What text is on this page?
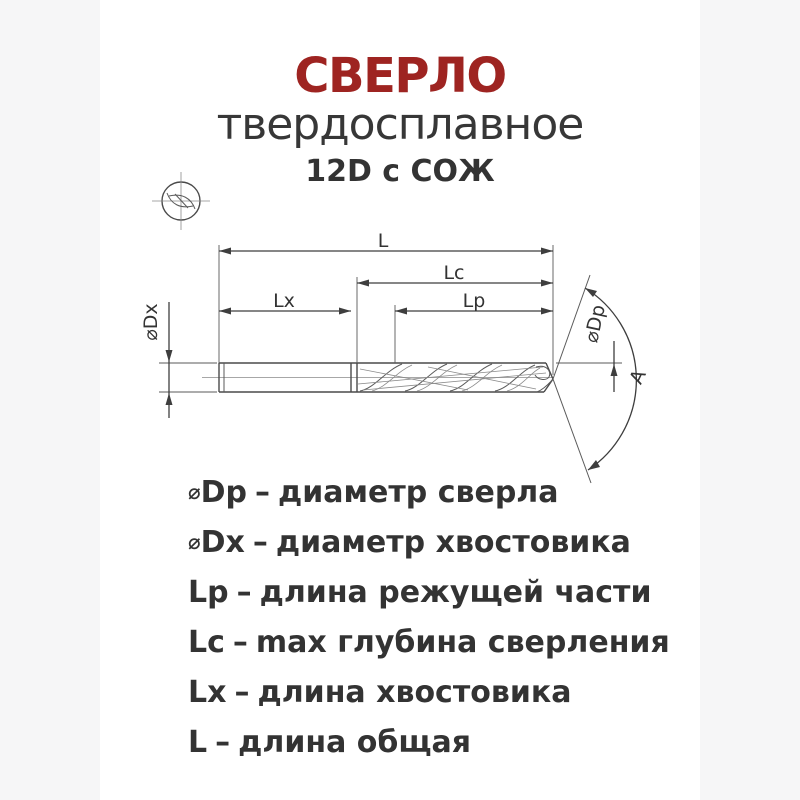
СВЕРЛО
твердосплавное
12D с СОЖ
L
Lc
Lp
Lx
⌀Dx
A
⌀Dp
⌀Dp – диаметр сверла
⌀Dx – диаметр хвостовика
Lp – длина режущей части
Lc – max глубина сверления
Lx – длина хвостовика
L – длина общая
